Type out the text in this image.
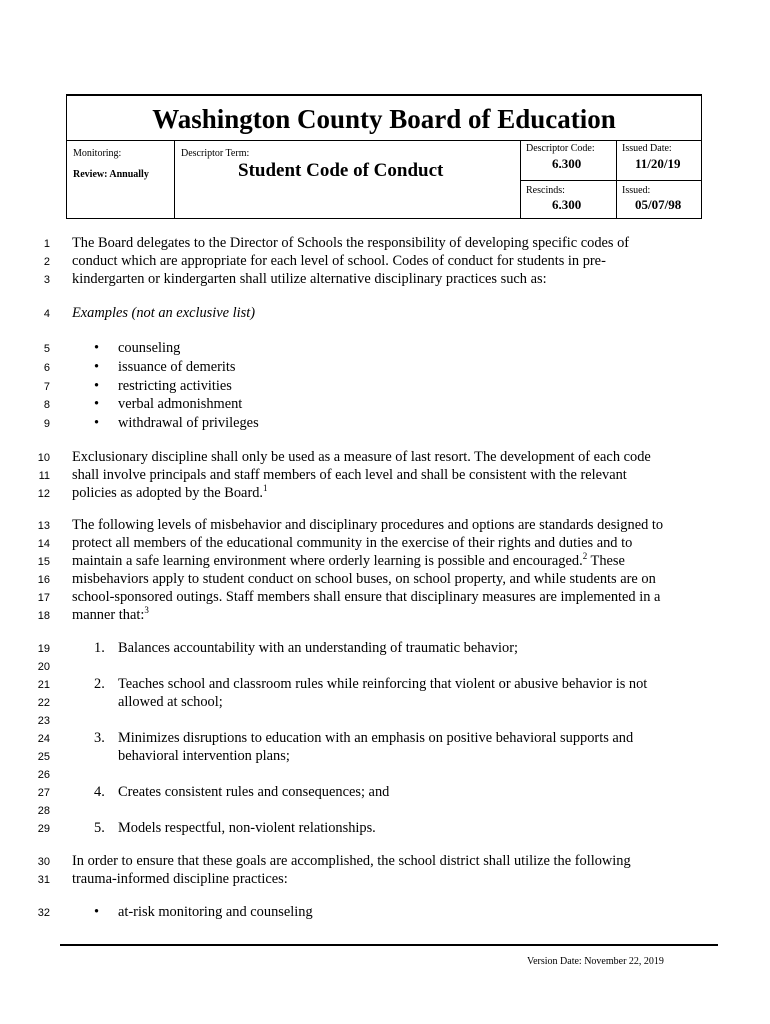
Washington County Board of Education
Monitoring:
Review: Annually
Descriptor Term:
Student Code of Conduct
Descriptor Code:
6.300
Issued Date:
11/20/19
Rescinds:
6.300
Issued:
05/07/98
1
2
3
4
5
6
7
8
9
10
11
12
13
14
15
16
17
18
19
20
21
22
23
24
25
26
27
28
29
30
31
32
The Board delegates to the Director of Schools the responsibility of developing specific codes of
conduct which are appropriate for each level of school. Codes of conduct for students in pre-
kindergarten or kindergarten shall utilize alternative disciplinary practices such as:
Examples (not an exclusive list)
• counseling
• issuance of demerits
• restricting activities
• verbal admonishment
• withdrawal of privileges
Exclusionary discipline shall only be used as a measure of last resort. The development of each code
shall involve principals and staff members of each level and shall be consistent with the relevant
policies as adopted by the Board.$^1$
The following levels of misbehavior and disciplinary procedures and options are standards designed to
protect all members of the educational community in the exercise of their rights and duties and to
maintain a safe learning environment where orderly learning is possible and encouraged.$^2$ These
misbehaviors apply to student conduct on school buses, on school property, and while students are on
school-sponsored outings. Staff members shall ensure that disciplinary measures are implemented in a
manner that:$^3$
1. Balances accountability with an understanding of traumatic behavior;
2. Teaches school and classroom rules while reinforcing that violent or abusive behavior is not
allowed at school;
3. Minimizes disruptions to education with an emphasis on positive behavioral supports and
behavioral intervention plans;
4. Creates consistent rules and consequences; and
5. Models respectful, non-violent relationships.
In order to ensure that these goals are accomplished, the school district shall utilize the following
trauma-informed discipline practices:
• at-risk monitoring and counseling
Version Date: November 22, 2019
